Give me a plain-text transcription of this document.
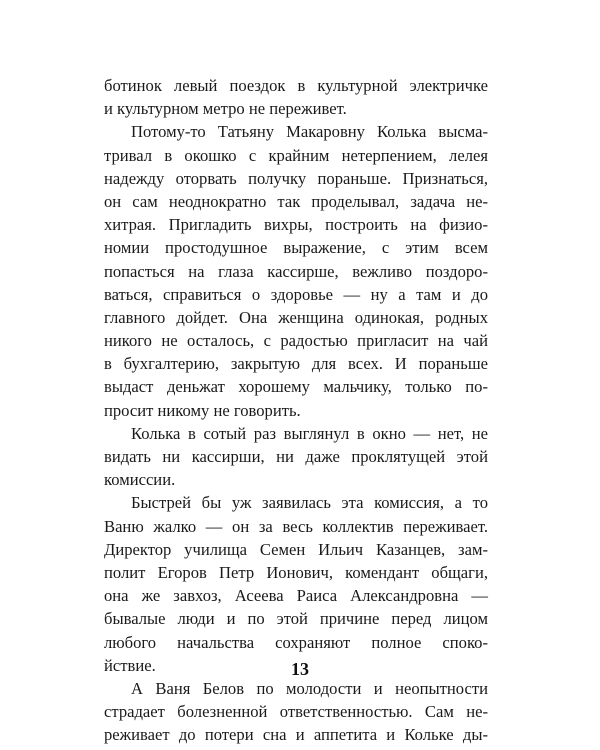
ботинок левый поездок в культурной электричке
и культурном метро не переживет.
Потому-то Татьяну Макаровну Колька высма-
тривал в окошко с крайним нетерпением, лелея
надежду оторвать получку пораньше. Признаться,
он сам неоднократно так проделывал, задача не-
хитрая. Пригладить вихры, построить на физио-
номии простодушное выражение, с этим всем
попасться на глаза кассирше, вежливо поздоро-
ваться, справиться о здоровье — ну а там и до
главного дойдет. Она женщина одинокая, родных
никого не осталось, с радостью пригласит на чай
в бухгалтерию, закрытую для всех. И пораньше
выдаст деньжат хорошему мальчику, только по-
просит никому не говорить.
Колька в сотый раз выглянул в окно — нет, не
видать ни кассирши, ни даже проклятущей этой
комиссии.
Быстрей бы уж заявилась эта комиссия, а то
Ваню жалко — он за весь коллектив переживает.
Директор училища Семен Ильич Казанцев, зам-
полит Егоров Петр Ионович, комендант общаги,
она же завхоз, Асеева Раиса Александровна —
бывалые люди и по этой причине перед лицом
любого начальства сохраняют полное споко-
йствие.
А Ваня Белов по молодости и неопытности
страдает болезненной ответственностью. Сам не-
реживает до потери сна и аппетита и Кольке ды-
13
